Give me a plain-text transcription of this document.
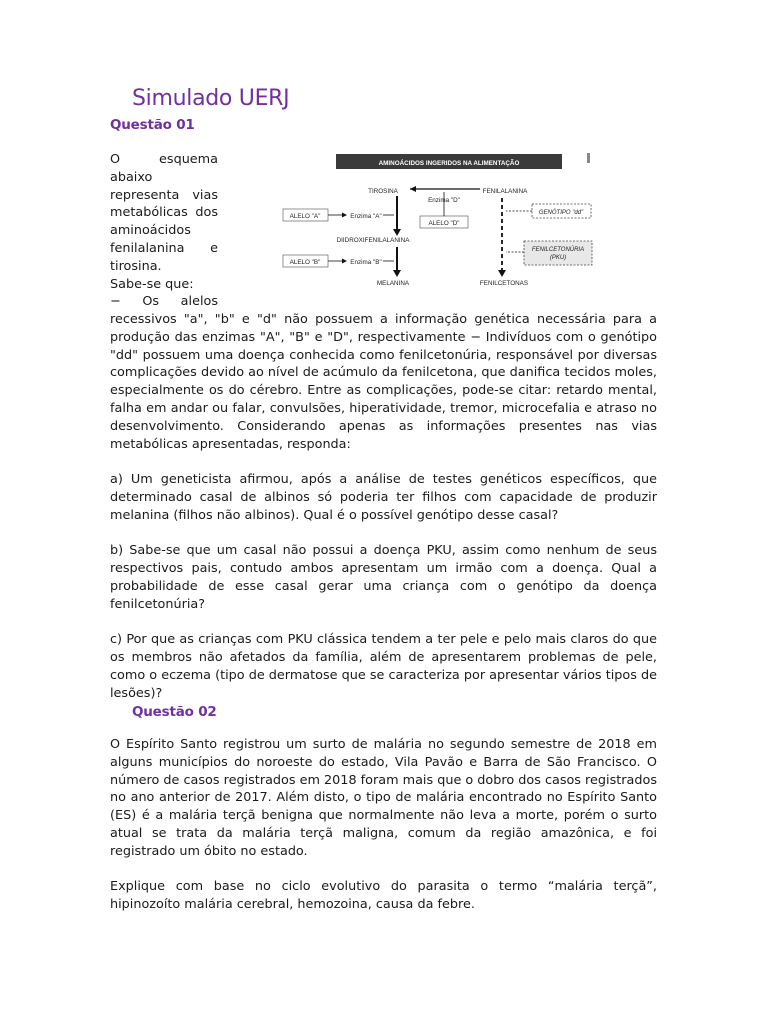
Simulado UERJ
Questão 01
O esquema
abaixo
representa vias
metabólicas dos
aminoácidos
fenilalanina e
tirosina.
Sabe-se que:
− Os alelos
AMINOÁCIDOS INGERIDOS NA ALIMENTAÇÃO
TIROSINA	FENILALANINA
Enzima "D"
ALELO "D"
ALELO "A"	Enzima "A"
DIIDROXIFENILALANINA
ALELO "B"	Enzima "B"
MELANINA
GENÓTIPO "dd"
FENILCETONÚRIA
(PKU)
FENILCETONAS

recessivos "a", "b" e "d" não possuem a informação genética necessária para a produção das enzimas "A", "B" e "D", respectivamente − Indivíduos com o genótipo "dd" possuem uma doença conhecida como fenilcetonúria, responsável por diversas complicações devido ao nível de acúmulo da fenilcetona, que danifica tecidos moles, especialmente os do cérebro. Entre as complicações, pode-se citar: retardo mental, falha em andar ou falar, convulsões, hiperatividade, tremor, microcefalia e atraso no desenvolvimento. Considerando apenas as informações presentes nas vias metabólicas apresentadas, responda:

a) Um geneticista afirmou, após a análise de testes genéticos específicos, que determinado casal de albinos só poderia ter filhos com capacidade de produzir melanina (filhos não albinos). Qual é o possível genótipo desse casal?

b) Sabe-se que um casal não possui a doença PKU, assim como nenhum de seus respectivos pais, contudo ambos apresentam um irmão com a doença. Qual a probabilidade de esse casal gerar uma criança com o genótipo da doença fenilcetonúria?

c) Por que as crianças com PKU clássica tendem a ter pele e pelo mais claros do que os membros não afetados da família, além de apresentarem problemas de pele, como o eczema (tipo de dermatose que se caracteriza por apresentar vários tipos de lesões)?

Questão 02

O Espírito Santo registrou um surto de malária no segundo semestre de 2018 em alguns municípios do noroeste do estado, Vila Pavão e Barra de São Francisco. O número de casos registrados em 2018 foram mais que o dobro dos casos registrados no ano anterior de 2017. Além disto, o tipo de malária encontrado no Espírito Santo (ES) é a malária terçã benigna que normalmente não leva a morte, porém o surto atual se trata da malária terçã maligna, comum da região amazônica, e foi registrado um óbito no estado.

Explique com base no ciclo evolutivo do parasita o termo “malária terçã”, hipinozoíto malária cerebral, hemozoina, causa da febre.
